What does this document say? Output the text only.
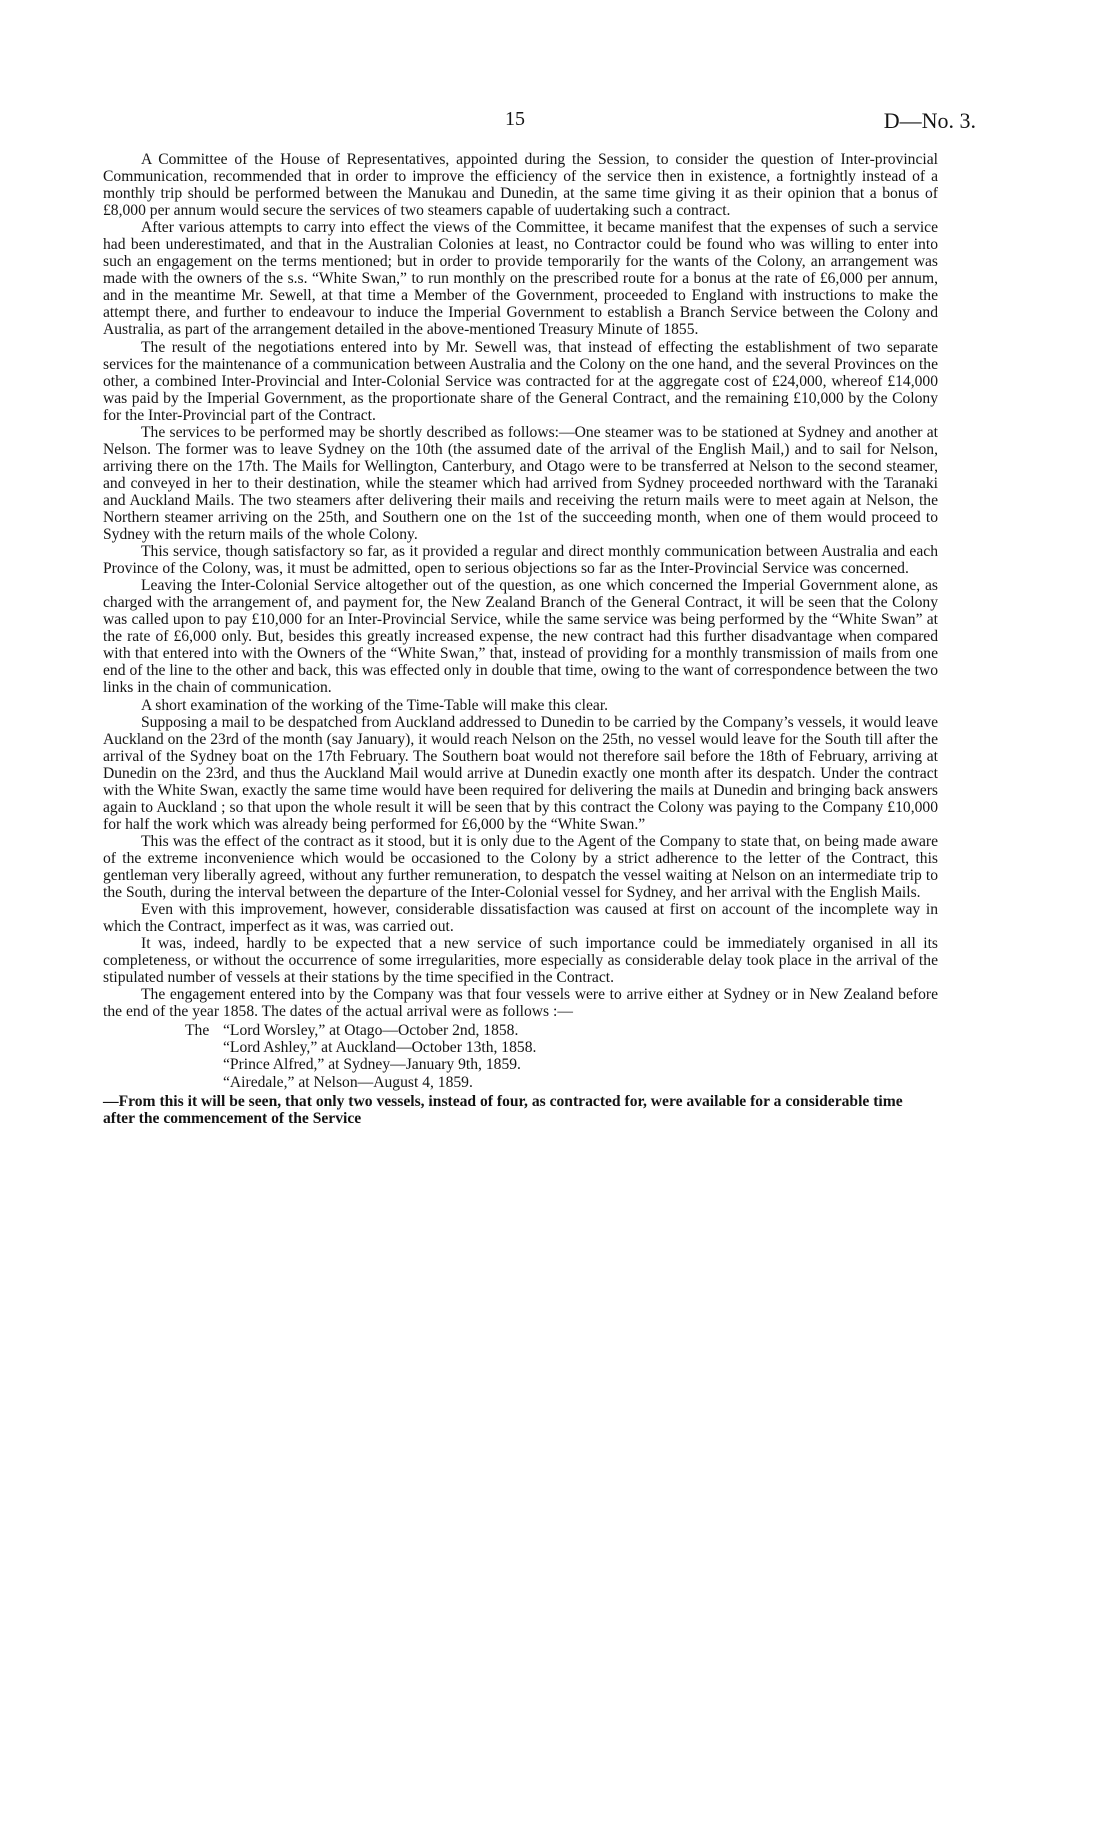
15	D—No. 3.

A Committee of the House of Representatives, appointed during the Session, to consider the question of Inter-provincial Communication, recommended that in order to improve the efficiency of the service then in existence, a fortnightly instead of a monthly trip should be performed between the Manukau and Dunedin, at the same time giving it as their opinion that a bonus of £8,000 per annum would secure the services of two steamers capable of uudertaking such a contract.

After various attempts to carry into effect the views of the Committee, it became manifest that the expenses of such a service had been underestimated, and that in the Australian Colonies at least, no Contractor could be found who was willing to enter into such an engagement on the terms mentioned; but in order to provide temporarily for the wants of the Colony, an arrangement was made with the owners of the s.s. “White Swan,” to run monthly on the prescribed route for a bonus at the rate of £6,000 per annum, and in the meantime Mr. Sewell, at that time a Member of the Government, proceeded to England with instructions to make the attempt there, and further to endeavour to induce the Imperial Government to establish a Branch Service between the Colony and Australia, as part of the arrangement detailed in the above-mentioned Treasury Minute of 1855.

The result of the negotiations entered into by Mr. Sewell was, that instead of effecting the establishment of two separate services for the maintenance of a communication between Australia and the Colony on the one hand, and the several Provinces on the other, a combined Inter-Provincial and Inter-Colonial Service was contracted for at the aggregate cost of £24,000, whereof £14,000 was paid by the Imperial Government, as the proportionate share of the General Contract, and the remaining £10,000 by the Colony for the Inter-Provincial part of the Contract.

The services to be performed may be shortly described as follows:—One steamer was to be stationed at Sydney and another at Nelson. The former was to leave Sydney on the 10th (the assumed date of the arrival of the English Mail,) and to sail for Nelson, arriving there on the 17th. The Mails for Wellington, Canterbury, and Otago were to be transferred at Nelson to the second steamer, and conveyed in her to their destination, while the steamer which had arrived from Sydney proceeded northward with the Taranaki and Auckland Mails. The two steamers after delivering their mails and receiving the return mails were to meet again at Nelson, the Northern steamer arriving on the 25th, and Southern one on the 1st of the succeeding month, when one of them would proceed to Sydney with the return mails of the whole Colony.

This service, though satisfactory so far, as it provided a regular and direct monthly communication between Australia and each Province of the Colony, was, it must be admitted, open to serious objections so far as the Inter-Provincial Service was concerned.

Leaving the Inter-Colonial Service altogether out of the question, as one which concerned the Imperial Government alone, as charged with the arrangement of, and payment for, the New Zealand Branch of the General Contract, it will be seen that the Colony was called upon to pay £10,000 for an Inter-Provincial Service, while the same service was being performed by the “White Swan” at the rate of £6,000 only. But, besides this greatly increased expense, the new contract had this further disadvantage when compared with that entered into with the Owners of the “White Swan,” that, instead of providing for a monthly transmission of mails from one end of the line to the other and back, this was effected only in double that time, owing to the want of correspondence between the two links in the chain of communication.

A short examination of the working of the Time-Table will make this clear.

Supposing a mail to be despatched from Auckland addressed to Dunedin to be carried by the Company’s vessels, it would leave Auckland on the 23rd of the month (say January), it would reach Nelson on the 25th, no vessel would leave for the South till after the arrival of the Sydney boat on the 17th February. The Southern boat would not therefore sail before the 18th of February, arriving at Dunedin on the 23rd, and thus the Auckland Mail would arrive at Dunedin exactly one month after its despatch. Under the contract with the White Swan, exactly the same time would have been required for delivering the mails at Dunedin and bringing back answers again to Auckland ; so that upon the whole result it will be seen that by this contract the Colony was paying to the Company £10,000 for half the work which was already being performed for £6,000 by the “White Swan.”

This was the effect of the contract as it stood, but it is only due to the Agent of the Company to state that, on being made aware of the extreme inconvenience which would be occasioned to the Colony by a strict adherence to the letter of the Contract, this gentleman very liberally agreed, without any further remuneration, to despatch the vessel waiting at Nelson on an intermediate trip to the South, during the interval between the departure of the Inter-Colonial vessel for Sydney, and her arrival with the English Mails.

Even with this improvement, however, considerable dissatisfaction was caused at first on account of the incomplete way in which the Contract, imperfect as it was, was carried out.

It was, indeed, hardly to be expected that a new service of such importance could be immediately organised in all its completeness, or without the occurrence of some irregularities, more especially as considerable delay took place in the arrival of the stipulated number of vessels at their stations by the time specified in the Contract.

The engagement entered into by the Company was that four vessels were to arrive either at Sydney or in New Zealand before the end of the year 1858. The dates of the actual arrival were as follows :—

The “Lord Worsley,” at Otago—October 2nd, 1858.
“Lord Ashley,” at Auckland—October 13th, 1858.
“Prince Alfred,” at Sydney—January 9th, 1859.
“Airedale,” at Nelson—August 4, 1859.

—From this it will be seen, that only two vessels, instead of four, as contracted for, were available for a considerable time after the commencement of the Service
